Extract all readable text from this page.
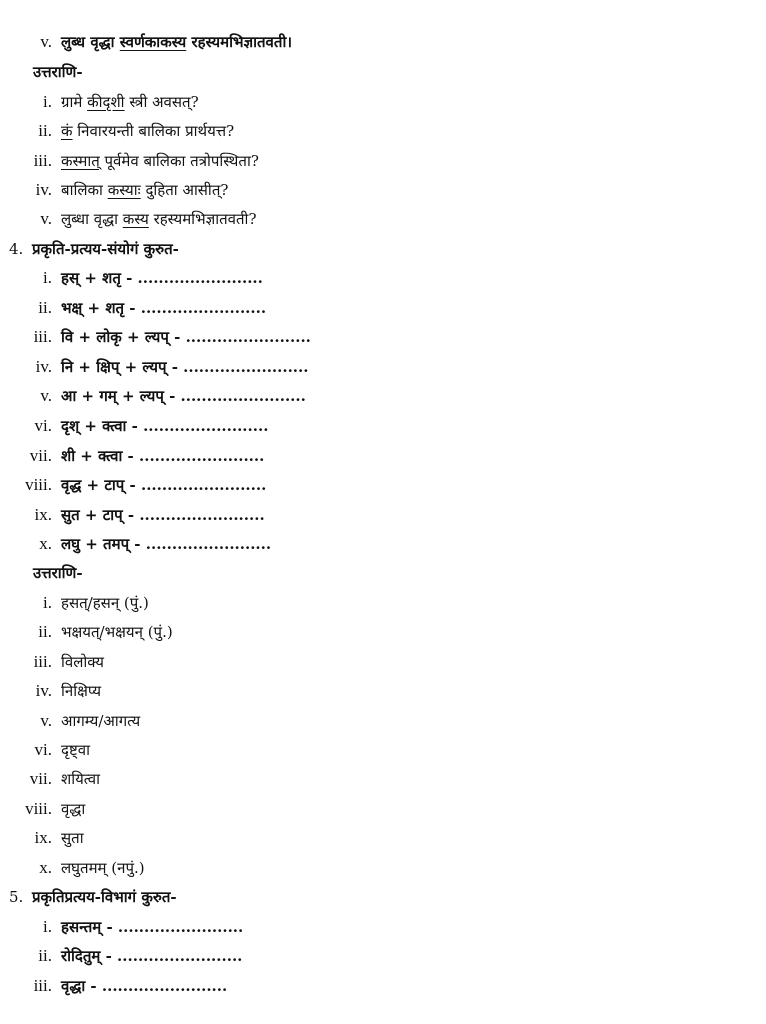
v. लुब्ध वृद्धा स्वर्णकाकस्य रहस्यमभिज्ञातवती।
उत्तराणि-
i. ग्रामे कीदृशी स्त्री अवसत्?
ii. कं निवारयन्ती बालिका प्रार्थयत्त?
iii. कस्मात् पूर्वमेव बालिका तत्रोपस्थिता?
iv. बालिका कस्याः दुहिता आसीत्?
v. लुब्धा वृद्धा कस्य रहस्यमभिज्ञातवती?
4. प्रकृति-प्रत्यय-संयोगं कुरुत-
i. हस् + शतृ - ........................
ii. भक्ष् + शतृ - ........................
iii. वि + लोकृ + ल्यप् - ........................
iv. नि + क्षिप् + ल्यप् - ........................
v. आ + गम् + ल्यप् - ........................
vi. दृश् + क्त्वा - ........................
vii. शी + क्त्वा - ........................
viii. वृद्ध + टाप् - ........................
ix. सुत + टाप् - ........................
x. लघु + तमप् - ........................
उत्तराणि-
i. हसत्/हसन् (पुं.)
ii. भक्षयत्/भक्षयन् (पुं.)
iii. विलोक्य
iv. निक्षिप्य
v. आगम्य/आगत्य
vi. दृष्ट्वा
vii. शयित्वा
viii. वृद्धा
ix. सुता
x. लघुतमम् (नपुं.)
5. प्रकृतिप्रत्यय-विभागं कुरुत-
i. हसन्तम् - ........................
ii. रोदितुम् - ........................
iii. वृद्धा - ........................
